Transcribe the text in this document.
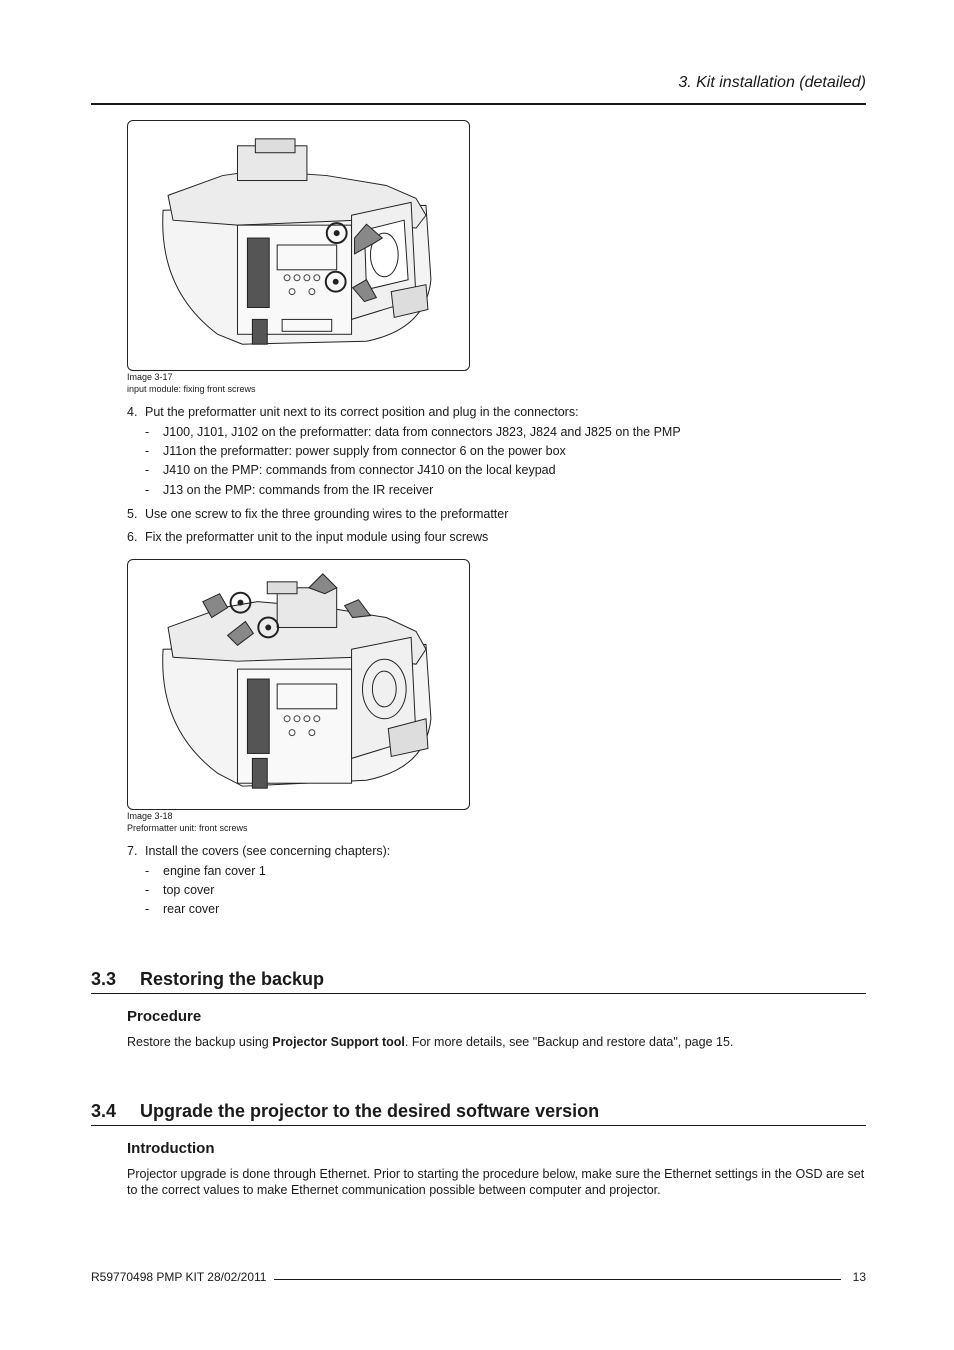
3. Kit installation (detailed)
Image 3-17
input module: fixing front screws
4. Put the preformatter unit next to its correct position and plug in the connectors:
- J100, J101, J102 on the preformatter: data from connectors J823, J824 and J825 on the PMP
- J11on the preformatter: power supply from connector 6 on the power box
- J410 on the PMP: commands from connector J410 on the local keypad
- J13 on the PMP: commands from the IR receiver
5. Use one screw to fix the three grounding wires to the preformatter
6. Fix the preformatter unit to the input module using four screws
Image 3-18
Preformatter unit: front screws
7. Install the covers (see concerning chapters):
- engine fan cover 1
- top cover
- rear cover
3.3 Restoring the backup
Procedure
Restore the backup using Projector Support tool. For more details, see "Backup and restore data", page 15.
3.4 Upgrade the projector to the desired software version
Introduction
Projector upgrade is done through Ethernet. Prior to starting the procedure below, make sure the Ethernet settings in the OSD are set to the correct values to make Ethernet communication possible between computer and projector.
R59770498 PMP KIT 28/02/2011	13
